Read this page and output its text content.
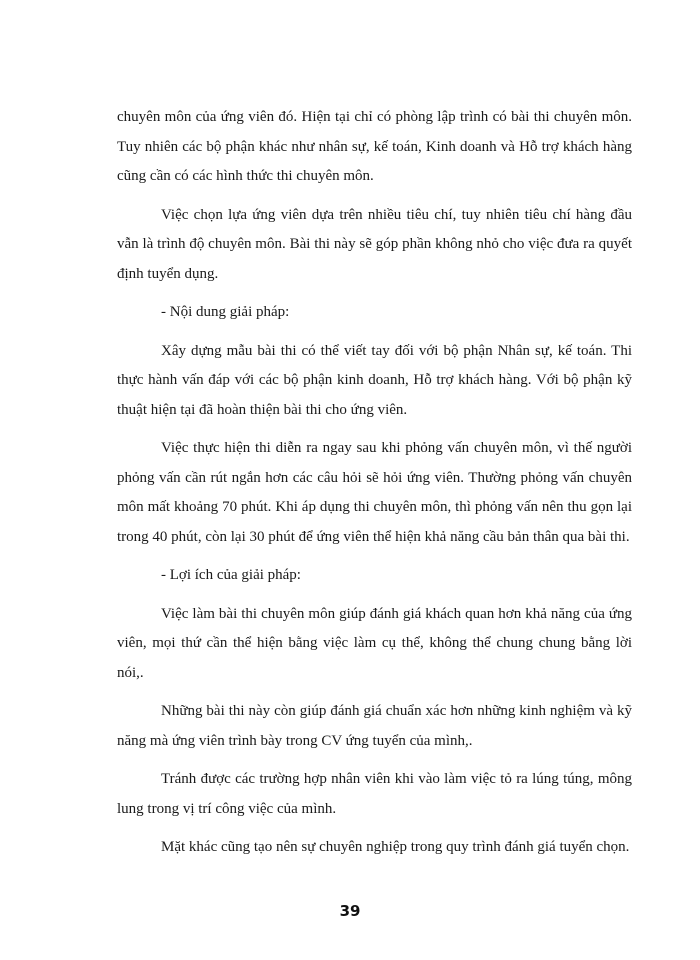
chuyên môn của ứng viên đó. Hiện tại chỉ có phòng lập trình có bài thi chuyên môn. Tuy nhiên các bộ phận khác như nhân sự, kế toán, Kinh doanh và Hỗ trợ khách hàng cũng cần có các hình thức thi chuyên môn.

Việc chọn lựa ứng viên dựa trên nhiều tiêu chí, tuy nhiên tiêu chí hàng đầu vẫn là trình độ chuyên môn. Bài thi này sẽ góp phần không nhỏ cho việc đưa ra quyết định tuyển dụng.

- Nội dung giải pháp:

Xây dựng mẫu bài thi có thể viết tay đối với bộ phận Nhân sự, kế toán. Thi thực hành vấn đáp với các bộ phận kinh doanh, Hỗ trợ khách hàng. Với bộ phận kỹ thuật hiện tại đã hoàn thiện bài thi cho ứng viên.

Việc thực hiện thi diễn ra ngay sau khi phỏng vấn chuyên môn, vì thế người phỏng vấn cần rút ngắn hơn các câu hỏi sẽ hỏi ứng viên. Thường phỏng vấn chuyên môn mất khoảng 70 phút. Khi áp dụng thi chuyên môn, thì phỏng vấn nên thu gọn lại trong 40 phút, còn lại 30 phút để ứng viên thể hiện khả năng cầu bản thân qua bài thi.

- Lợi ích của giải pháp:

Việc làm bài thi chuyên môn giúp đánh giá khách quan hơn khả năng của ứng viên, mọi thứ cần thể hiện bằng việc làm cụ thể, không thể chung chung bằng lời nói,.

Những bài thi này còn giúp đánh giá chuẩn xác hơn những kinh nghiệm và kỹ năng mà ứng viên trình bày trong CV ứng tuyển của mình,.

Tránh được các trường hợp nhân viên khi vào làm việc tỏ ra lúng túng, mông lung trong vị trí công việc của mình.

Mặt khác cũng tạo nên sự chuyên nghiệp trong quy trình đánh giá tuyển chọn.

39
